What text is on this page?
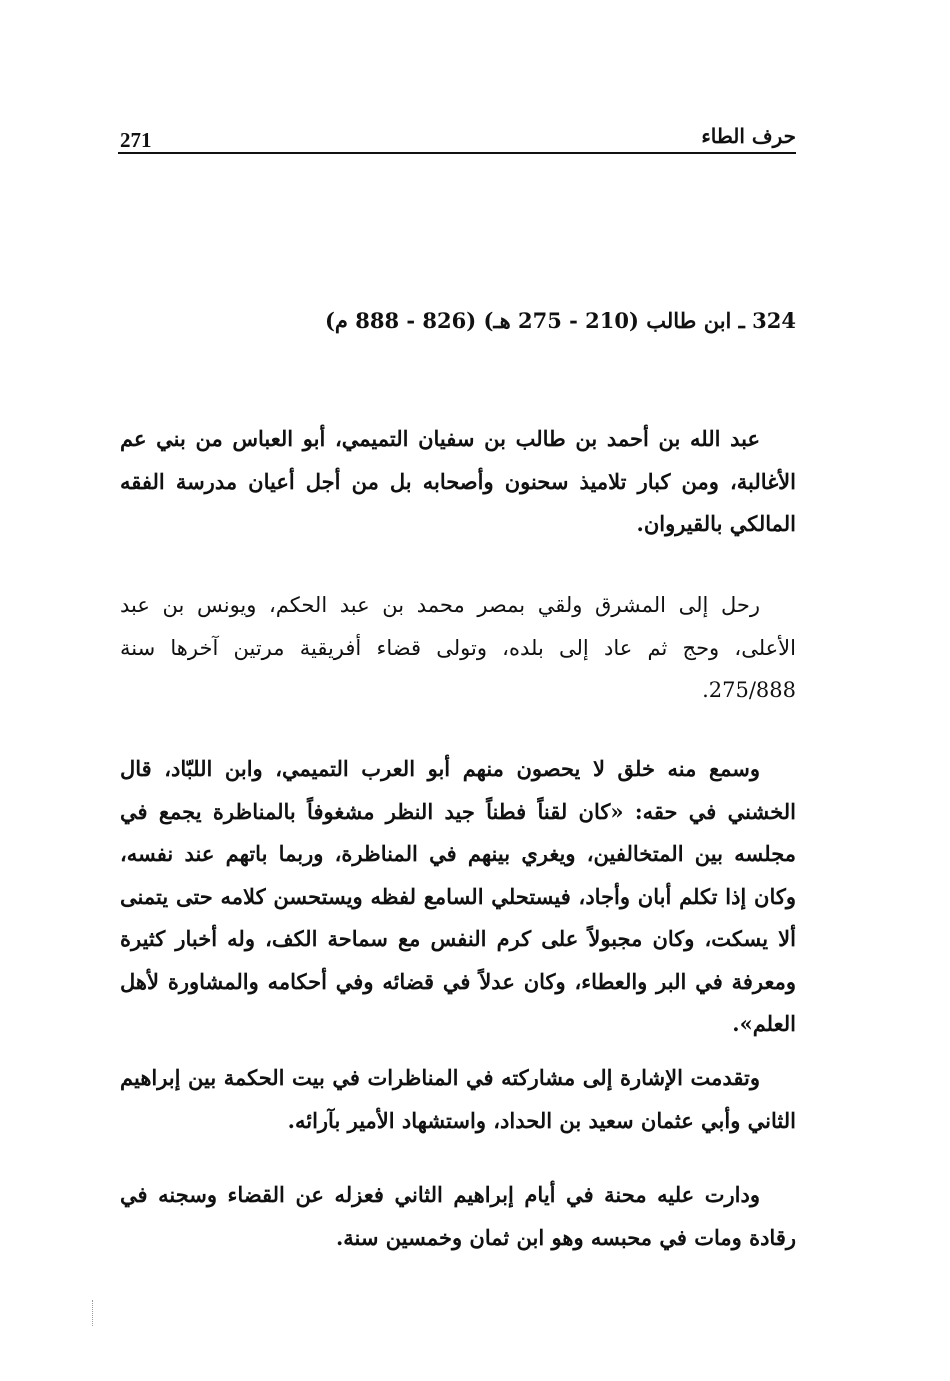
271	حرف الطاء
324 ـ ابن طالب (210 - 275 هـ) (826 - 888 م)

عبد الله بن أحمد بن طالب بن سفيان التميمي، أبو العباس من بني عم الأغالبة، ومن كبار تلاميذ سحنون وأصحابه بل من أجل أعيان مدرسة الفقه المالكي بالقيروان.

رحل إلى المشرق ولقي بمصر محمد بن عبد الحكم، ويونس بن عبد الأعلى، وحج ثم عاد إلى بلده، وتولى قضاء أفريقية مرتين آخرها سنة 275/888.

وسمع منه خلق لا يحصون منهم أبو العرب التميمي، وابن اللبّاد، قال الخشني في حقه: «كان لقناً فطناً جيد النظر مشغوفاً بالمناظرة يجمع في مجلسه بين المتخالفين، ويغري بينهم في المناظرة، وربما باتهم عند نفسه، وكان إذا تكلم أبان وأجاد، فيستحلي السامع لفظه ويستحسن كلامه حتى يتمنى ألا يسكت، وكان مجبولاً على كرم النفس مع سماحة الكف، وله أخبار كثيرة ومعرفة في البر والعطاء، وكان عدلاً في قضائه وفي أحكامه والمشاورة لأهل العلم».

وتقدمت الإشارة إلى مشاركته في المناظرات في بيت الحكمة بين إبراهيم الثاني وأبي عثمان سعيد بن الحداد، واستشهاد الأمير بآرائه.

ودارت عليه محنة في أيام إبراهيم الثاني فعزله عن القضاء وسجنه في رقادة ومات في محبسه وهو ابن ثمان وخمسين سنة.
